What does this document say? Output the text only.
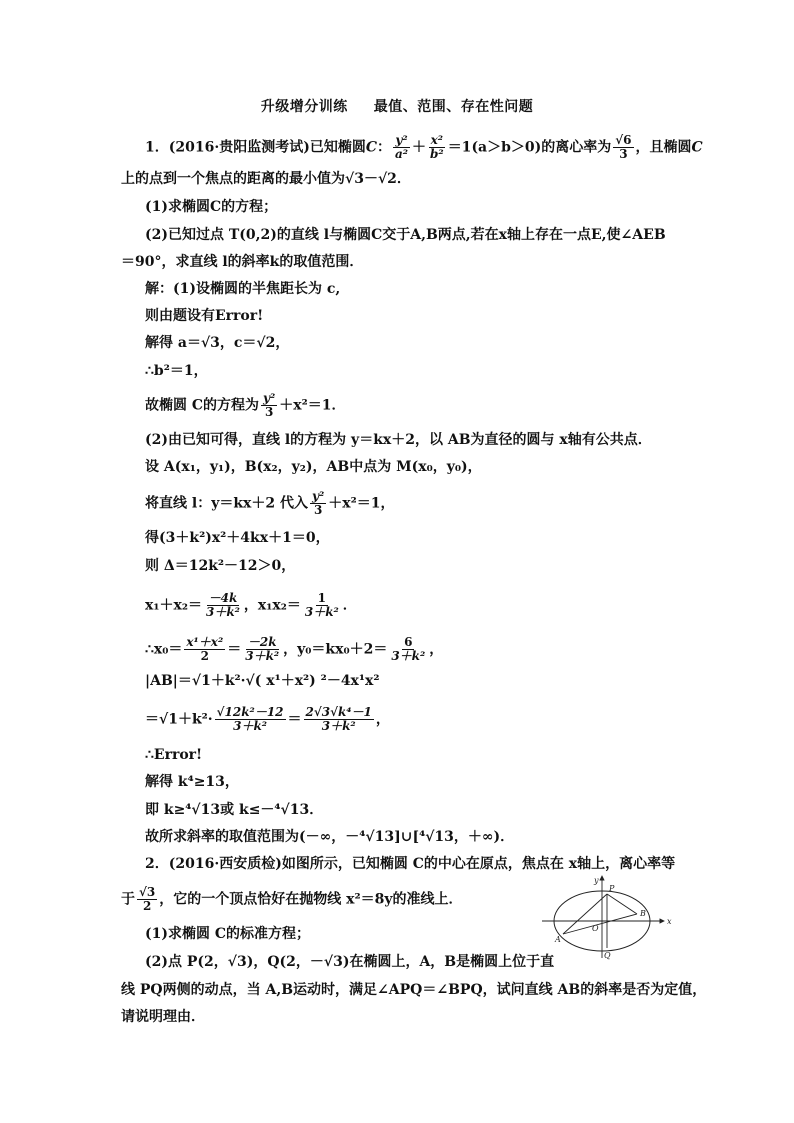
升级增分训练 最值、范围、存在性问题
1．(2016·贵阳监测考试)已知椭圆C： $\frac{\text{y²}}{\text{a²}} + \frac{\text{x²}}{\text{b²}} =1(a>b>0)$的离心率为 $\frac{√6}{3}$ ，且椭圆C
上的点到一个焦点的距离的最小值为√3－√2．
(1)求椭圆C的方程；
(2)已知过点 T(0,2)的直线 l与椭圆C交于A,B两点,若在x轴上存在一点E,使∠AEB
＝90°，求直线 l的斜率k的取值范围．
解：(1)设椭圆的半焦距长为 c,
则由题设有Error!
解得 a＝√3，c＝√2，
∴b²＝1，
故椭圆 C的方程为 $\frac{\text{y²}}{3} +x^2=1$．
(2)由已知可得，直线 l的方程为 y＝kx＋2，以 AB为直径的圆与 x轴有公共点．
设 A(x₁，y₁)，B(x₂，y₂)，AB中点为 M(x₀，y₀)，
将直线 l：y＝kx＋2 代入 $\frac{\text{y²}}{3} +x^2=1$，
得(3＋k²)x²＋4kx＋1＝0，
则 Δ＝12k²－12＞0，
$x_1+x_2= \frac{-4k}{\text{3＋k²}}$ ，$x_1x_2= \frac{1}{\text{3＋k²}}$ ．
∴x₀＝ $\frac{\text{x¹＋x²}}{2} = \frac{-2k}{\text{3＋k²}}$ ，$y_0=kx_0+2= \frac{6}{\text{3＋k²}}$ ，
|AB|＝√1＋k²·√( x¹＋x²) ²－4x¹x²
$=√1+k^2\cdot \frac{\text{√12k²－12}}{\text{3＋k²}} = \frac{\text{2√3√k⁴－1}}{\text{3＋k²}}$ ，
∴Error!
解得 k⁴≥13，
即 k≥⁴√13或 k≤－⁴√13．
故所求斜率的取值范围为(－∞，－⁴√13]∪[⁴√13，＋∞)．
2．(2016·西安质检)如图所示，已知椭圆 C的中心在原点，焦点在 x轴上，离心率等
于 $\frac{√3}{2}$ ，它的一个顶点恰好在抛物线 x²＝8y的准线上．
(1)求椭圆 C的标准方程；
(2)点 P(2，√3)，Q(2，－√3)在椭圆上，A，B是椭圆上位于直
线 PQ两侧的动点，当 A,B运动时，满足∠APQ＝∠BPQ，试问直线 AB的斜率是否为定值，
请说明理由．
y
x
P
B
O
A
Q
